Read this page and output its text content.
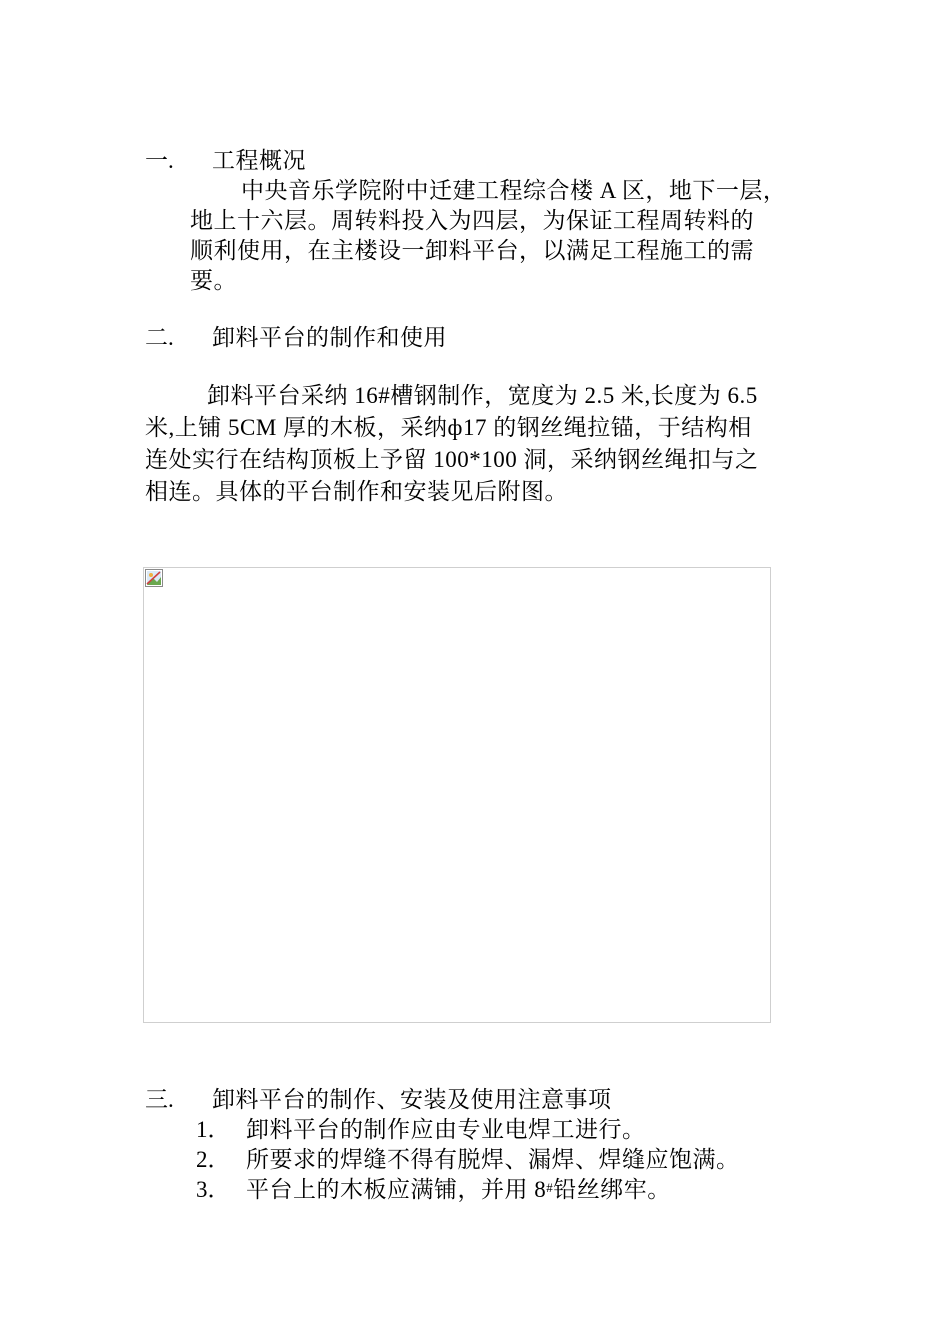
一. 工程概况
中央音乐学院附中迁建工程综合楼 A 区，地下一层，
地上十六层。周转料投入为四层，为保证工程周转料的
顺利使用，在主楼设一卸料平台，以满足工程施工的需
要。
二. 卸料平台的制作和使用
卸料平台采纳 16#槽钢制作，宽度为 2.5 米,长度为 6.5
米,上铺 5CM 厚的木板，采纳ф17 的钢丝绳拉锚，于结构相
连处实行在结构顶板上予留 100*100 洞，采纳钢丝绳扣与之
相连。具体的平台制作和安装见后附图。
三. 卸料平台的制作、安装及使用注意事项
1． 卸料平台的制作应由专业电焊工进行。
2． 所要求的焊缝不得有脱焊、漏焊、焊缝应饱满。
3． 平台上的木板应满铺，并用 8#铅丝绑牢。
